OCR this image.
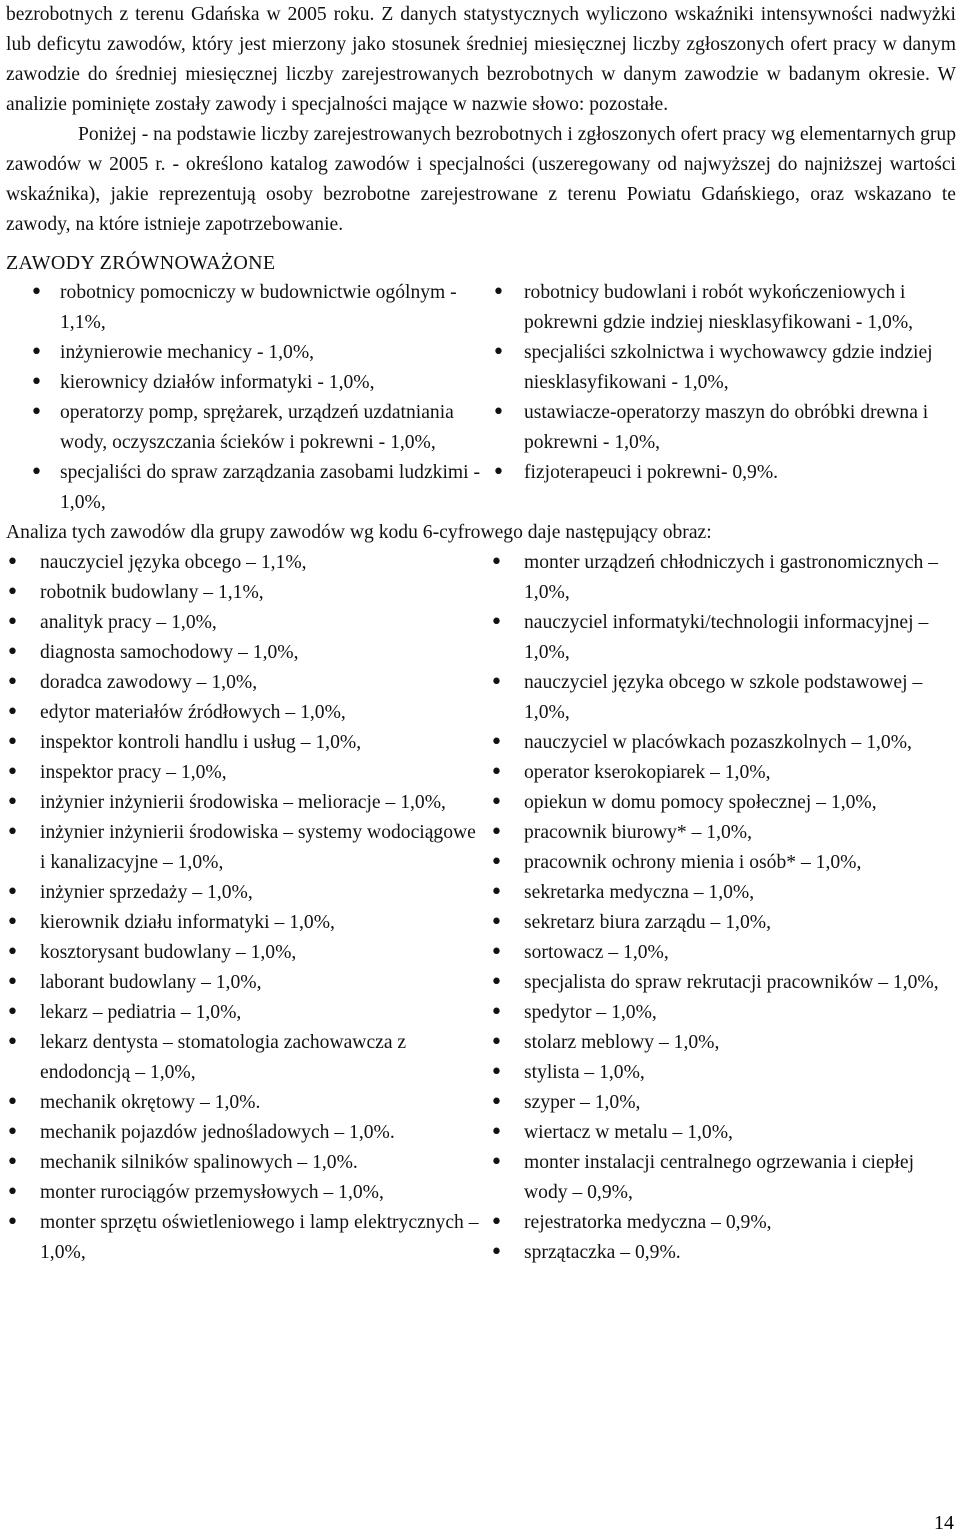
bezrobotnych z terenu Gdańska w 2005 roku. Z danych statystycznych wyliczono wskaźniki intensywności nadwyżki lub deficytu zawodów, który jest mierzony jako stosunek średniej miesięcznej liczby zgłoszonych ofert pracy w danym zawodzie do średniej miesięcznej liczby zarejestrowanych bezrobotnych w danym zawodzie w badanym okresie. W analizie pominięte zostały zawody i specjalności mające w nazwie słowo: pozostałe.

Poniżej - na podstawie liczby zarejestrowanych bezrobotnych i zgłoszonych ofert pracy wg elementarnych grup zawodów w 2005 r. - określono katalog zawodów i specjalności (uszeregowany od najwyższej do najniższej wartości wskaźnika), jakie reprezentują osoby bezrobotne zarejestrowane z terenu Powiatu Gdańskiego, oraz wskazano te zawody, na które istnieje zapotrzebowanie.

ZAWODY ZRÓWNOWAŻONE
• robotnicy pomocniczy w budownictwie ogólnym - 1,1%,
• inżynierowie mechanicy - 1,0%,
• kierownicy działów informatyki - 1,0%,
• operatorzy pomp, sprężarek, urządzeń uzdatniania wody, oczyszczania ścieków i pokrewni - 1,0%,
• specjaliści do spraw zarządzania zasobami ludzkimi - 1,0%,
• robotnicy budowlani i robót wykończeniowych i pokrewni gdzie indziej niesklasyfikowani - 1,0%,
• specjaliści szkolnictwa i wychowawcy gdzie indziej niesklasyfikowani - 1,0%,
• ustawiacze-operatorzy maszyn do obróbki drewna i pokrewni - 1,0%,
• fizjoterapeuci i pokrewni- 0,9%.

Analiza tych zawodów dla grupy zawodów wg kodu 6-cyfrowego daje następujący obraz:

• nauczyciel języka obcego – 1,1%,
• robotnik budowlany – 1,1%,
• analityk pracy – 1,0%,
• diagnosta samochodowy – 1,0%,
• doradca zawodowy – 1,0%,
• edytor materiałów źródłowych – 1,0%,
• inspektor kontroli handlu i usług – 1,0%,
• inspektor pracy – 1,0%,
• inżynier inżynierii środowiska – melioracje – 1,0%,
• inżynier inżynierii środowiska – systemy wodociągowe i kanalizacyjne – 1,0%,
• inżynier sprzedaży – 1,0%,
• kierownik działu informatyki – 1,0%,
• kosztorysant budowlany – 1,0%,
• laborant budowlany – 1,0%,
• lekarz – pediatria – 1,0%,
• lekarz dentysta – stomatologia zachowawcza z endodoncją – 1,0%,
• mechanik okrętowy – 1,0%.
• mechanik pojazdów jednośladowych – 1,0%.
• mechanik silników spalinowych – 1,0%.
• monter rurociągów przemysłowych – 1,0%,
• monter sprzętu oświetleniowego i lamp elektrycznych – 1,0%,
• monter urządzeń chłodniczych i gastronomicznych – 1,0%,
• nauczyciel informatyki/technologii informacyjnej – 1,0%,
• nauczyciel języka obcego w szkole podstawowej – 1,0%,
• nauczyciel w placówkach pozaszkolnych – 1,0%,
• operator kserokopiarek – 1,0%,
• opiekun w domu pomocy społecznej – 1,0%,
• pracownik biurowy* – 1,0%,
• pracownik ochrony mienia i osób* – 1,0%,
• sekretarka medyczna – 1,0%,
• sekretarz biura zarządu – 1,0%,
• sortowacz – 1,0%,
• specjalista do spraw rekrutacji pracowników – 1,0%,
• spedytor – 1,0%,
• stolarz meblowy – 1,0%,
• stylista – 1,0%,
• szyper – 1,0%,
• wiertacz w metalu – 1,0%,
• monter instalacji centralnego ogrzewania i ciepłej wody – 0,9%,
• rejestratorka medyczna – 0,9%,
• sprzątaczka – 0,9%.
14
